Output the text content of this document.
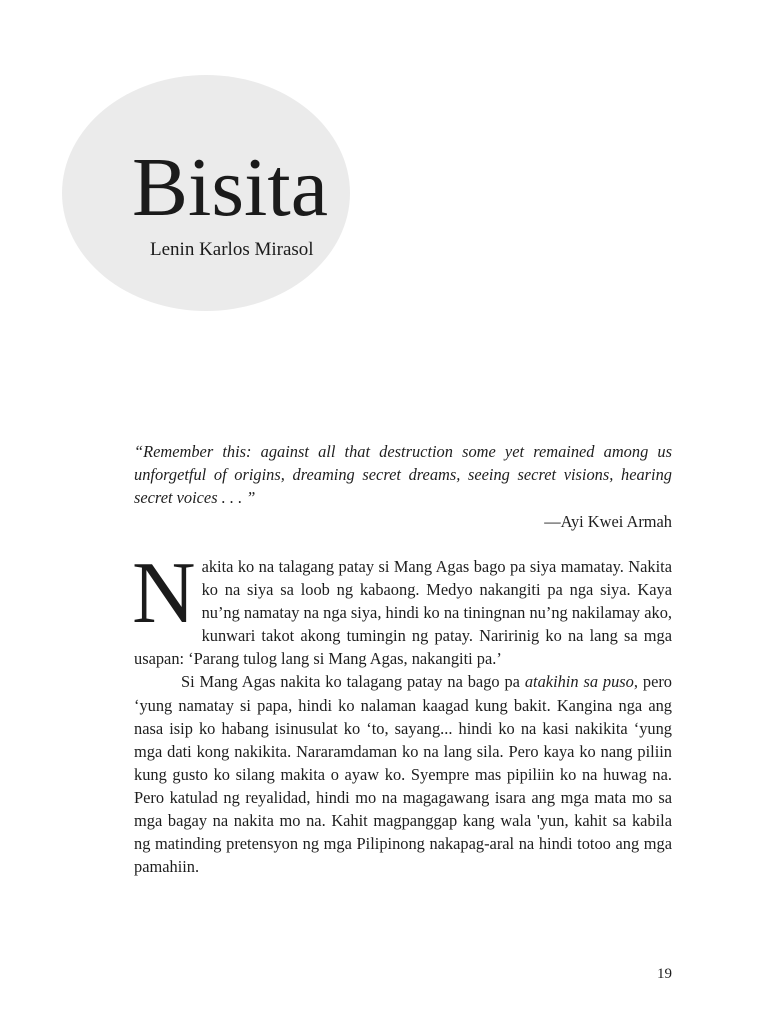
Bisita
Lenin Karlos Mirasol

“Remember this: against all that destruction some yet remained among us unforgetful of origins, dreaming secret dreams, seeing secret visions, hearing secret voices . . . ”

—Ayi Kwei Armah

Nakita ko na talagang patay si Mang Agas bago pa siya mamatay. Nakita ko na siya sa loob ng kabaong. Medyo nakangiti pa nga siya. Kaya nu’ng namatay na nga siya, hindi ko na tiningnan nu’ng nakilamay ako, kunwari takot akong tumingin ng patay. Naririnig ko na lang sa mga usapan: ‘Parang tulog lang si Mang Agas, nakangiti pa.’

Si Mang Agas nakita ko talagang patay na bago pa atakihin sa puso, pero ‘yung namatay si papa, hindi ko nalaman kaagad kung bakit. Kangina nga ang nasa isip ko habang isinusulat ko ‘to, sayang... hindi ko na kasi nakikita ‘yung mga dati kong nakikita. Nararamdaman ko na lang sila. Pero kaya ko nang piliin kung gusto ko silang makita o ayaw ko. Syempre mas pipiliin ko na huwag na. Pero katulad ng reyalidad, hindi mo na magagawang isara ang mga mata mo sa mga bagay na nakita mo na. Kahit magpanggap kang wala 'yun, kahit sa kabila ng matinding pretensyon ng mga Pilipinong nakapag-aral na hindi totoo ang mga pamahiin.

19
